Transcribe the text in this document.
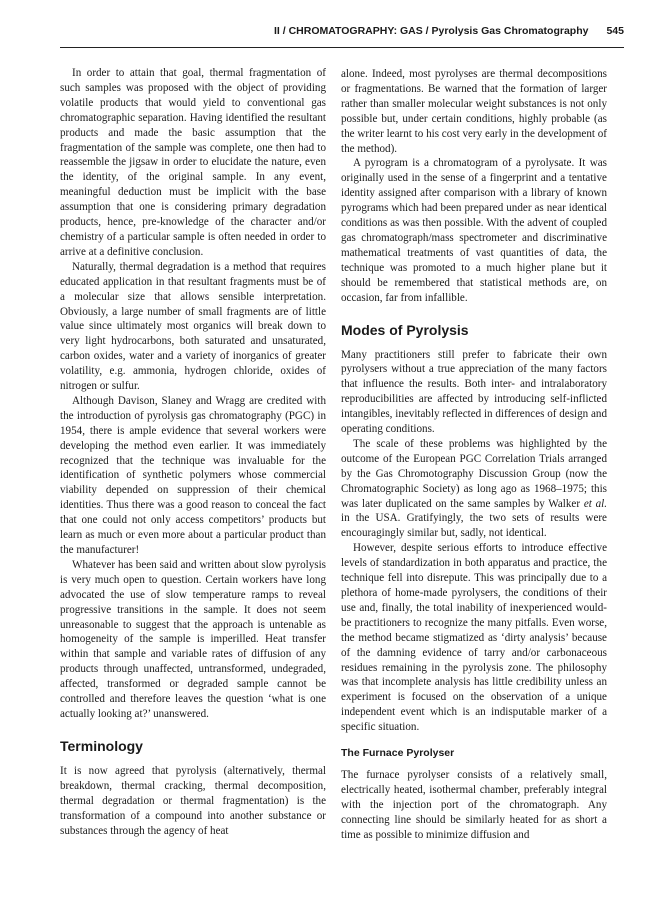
II / CHROMATOGRAPHY: GAS / Pyrolysis Gas Chromatography 545

In order to attain that goal, thermal fragmentation of such samples was proposed with the object of providing volatile products that would yield to conventional gas chromatographic separation. Having identified the resultant products and made the basic assumption that the fragmentation of the sample was complete, one then had to reassemble the jigsaw in order to elucidate the nature, even the identity, of the original sample. In any event, meaningful deduction must be implicit with the base assumption that one is considering primary degradation products, hence, pre-knowledge of the character and/or chemistry of a particular sample is often needed in order to arrive at a definitive conclusion.

Naturally, thermal degradation is a method that requires educated application in that resultant fragments must be of a molecular size that allows sensible interpretation. Obviously, a large number of small fragments are of little value since ultimately most organics will break down to very light hydrocarbons, both saturated and unsaturated, carbon oxides, water and a variety of inorganics of greater volatility, e.g. ammonia, hydrogen chloride, oxides of nitrogen or sulfur.

Although Davison, Slaney and Wragg are credited with the introduction of pyrolysis gas chromatography (PGC) in 1954, there is ample evidence that several workers were developing the method even earlier. It was immediately recognized that the technique was invaluable for the identification of synthetic polymers whose commercial viability depended on suppression of their chemical identities. Thus there was a good reason to conceal the fact that one could not only access competitors’ products but learn as much or even more about a particular product than the manufacturer!

Whatever has been said and written about slow pyrolysis is very much open to question. Certain workers have long advocated the use of slow temperature ramps to reveal progressive transitions in the sample. It does not seem unreasonable to suggest that the approach is untenable as homogeneity of the sample is imperilled. Heat transfer within that sample and variable rates of diffusion of any products through unaffected, untransformed, undegraded, affected, transformed or degraded sample cannot be controlled and therefore leaves the question ‘what is one actually looking at?’ unanswered.

Terminology

It is now agreed that pyrolysis (alternatively, thermal breakdown, thermal cracking, thermal decomposition, thermal degradation or thermal fragmentation) is the transformation of a compound into another substance or substances through the agency of heat

alone. Indeed, most pyrolyses are thermal decompositions or fragmentations. Be warned that the formation of larger rather than smaller molecular weight substances is not only possible but, under certain conditions, highly probable (as the writer learnt to his cost very early in the development of the method).

A pyrogram is a chromatogram of a pyrolysate. It was originally used in the sense of a fingerprint and a tentative identity assigned after comparison with a library of known pyrograms which had been prepared under as near identical conditions as was then possible. With the advent of coupled gas chromatograph/mass spectrometer and discriminative mathematical treatments of vast quantities of data, the technique was promoted to a much higher plane but it should be remembered that statistical methods are, on occasion, far from infallible.

Modes of Pyrolysis

Many practitioners still prefer to fabricate their own pyrolysers without a true appreciation of the many factors that influence the results. Both inter- and intralaboratory reproducibilities are affected by introducing self-inflicted intangibles, inevitably reflected in differences of design and operating conditions.

The scale of these problems was highlighted by the outcome of the European PGC Correlation Trials arranged by the Gas Chromotography Discussion Group (now the Chromatographic Society) as long ago as 1968–1975; this was later duplicated on the same samples by Walker et al. in the USA. Gratifyingly, the two sets of results were encouragingly similar but, sadly, not identical.

However, despite serious efforts to introduce effective levels of standardization in both apparatus and practice, the technique fell into disrepute. This was principally due to a plethora of home-made pyrolysers, the conditions of their use and, finally, the total inability of inexperienced would-be practitioners to recognize the many pitfalls. Even worse, the method became stigmatized as ‘dirty analysis’ because of the damning evidence of tarry and/or carbonaceous residues remaining in the pyrolysis zone. The philosophy was that incomplete analysis has little credibility unless an experiment is focused on the observation of a unique independent event which is an indisputable marker of a specific situation.

The Furnace Pyrolyser

The furnace pyrolyser consists of a relatively small, electrically heated, isothermal chamber, preferably integral with the injection port of the chromatograph. Any connecting line should be similarly heated for as short a time as possible to minimize diffusion and
